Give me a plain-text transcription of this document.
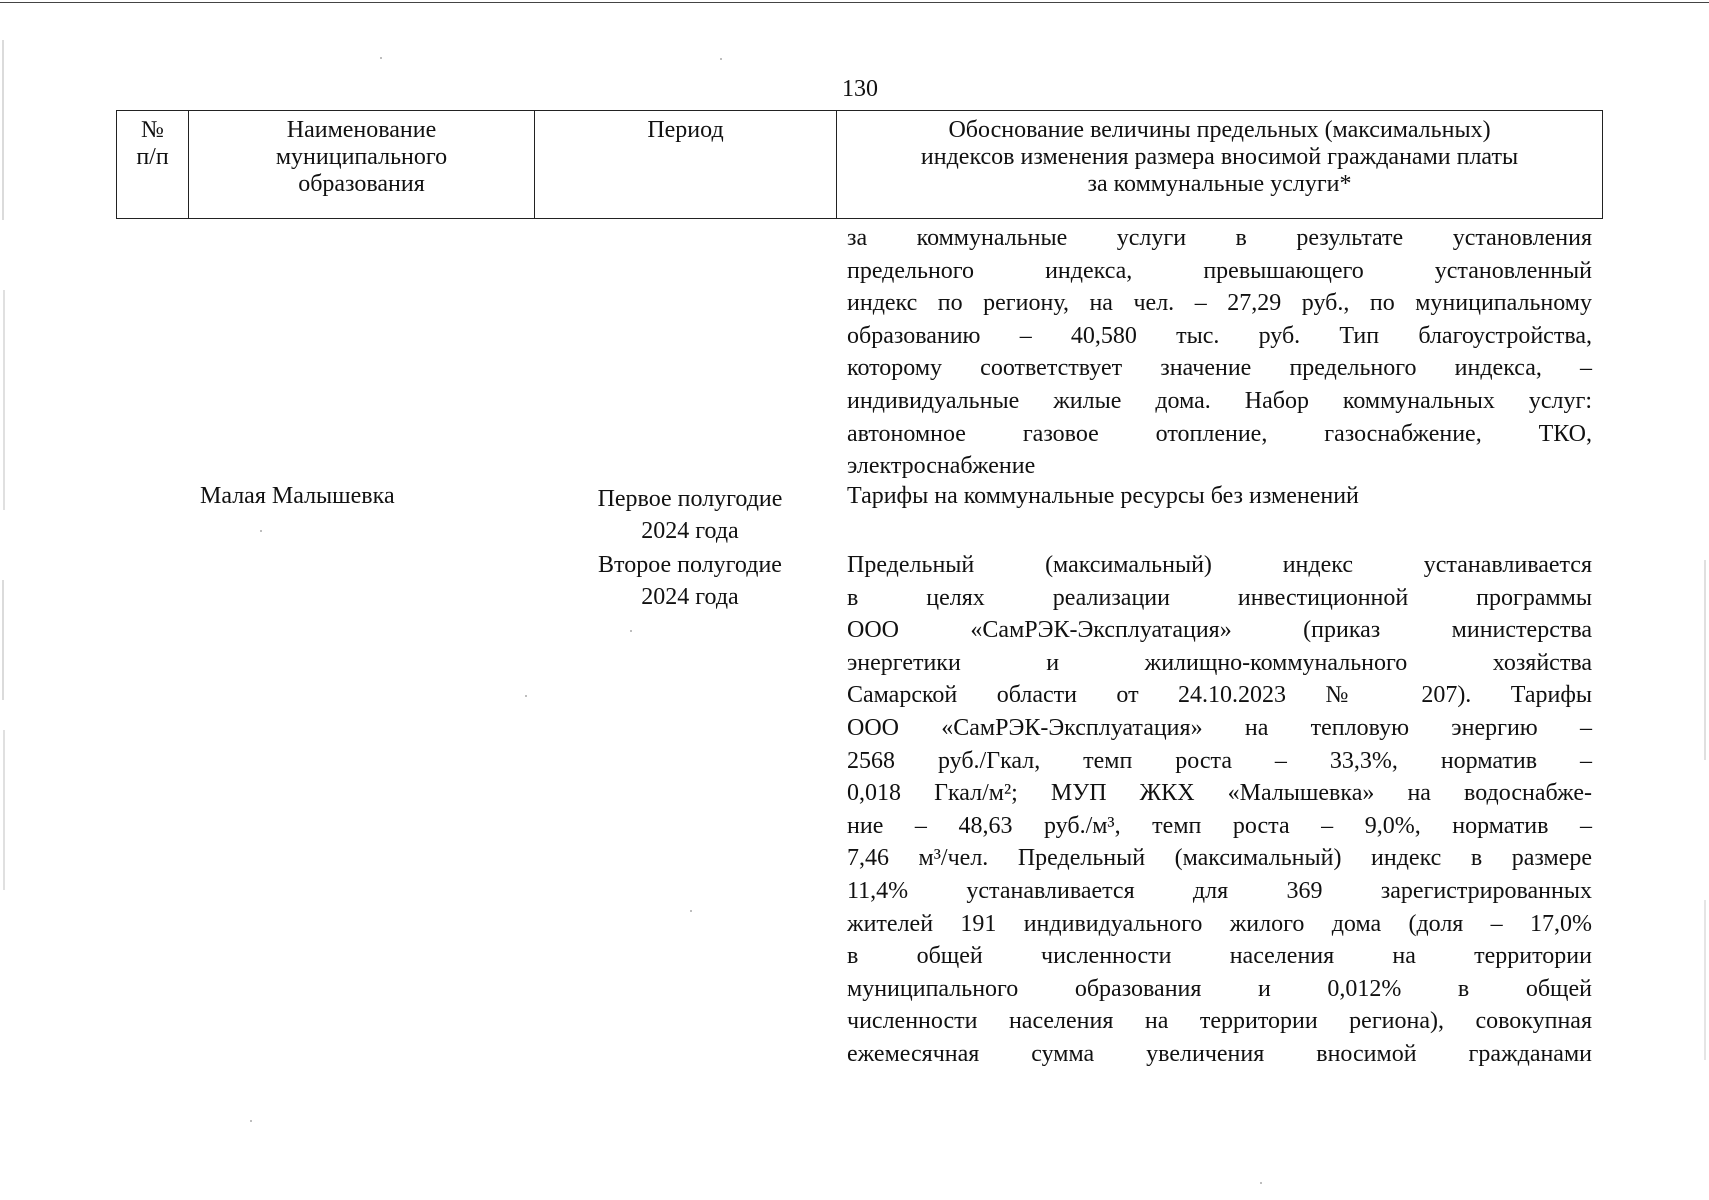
130
№
п/п
Наименование
муниципального
образования
Период	Обоснование величины предельных (максимальных)
индексов изменения размера вносимой гражданами платы
за коммунальные услуги*
за коммунальные услуги в результате установления
предельного индекса, превышающего установленный
индекс по региону, на чел. – 27,29 руб., по муниципальному
образованию – 40,580 тыс. руб. Тип благоустройства,
которому соответствует значение предельного индекса, –
индивидуальные жилые дома. Набор коммунальных услуг:
автономное газовое отопление, газоснабжение, ТКО,
электроснабжение
Малая Малышевка	Первое полугодие
2024 года
Тарифы на коммунальные ресурсы без изменений
Второе полугодие
2024 года
Предельный (максимальный) индекс устанавливается
в целях реализации инвестиционной программы
ООО «СамРЭК-Эксплуатация» (приказ министерства
энергетики и жилищно-коммунального хозяйства
Самарской области от 24.10.2023 № 207). Тарифы
ООО «СамРЭК-Эксплуатация» на тепловую энергию –
2568 руб./Гкал, темп роста – 33,3%, норматив –
0,018 Гкал/м²; МУП ЖКХ «Малышевка» на водоснабже-
ние – 48,63 руб./м³, темп роста – 9,0%, норматив –
7,46 м³/чел. Предельный (максимальный) индекс в размере
11,4% устанавливается для 369 зарегистрированных
жителей 191 индивидуального жилого дома (доля – 17,0%
в общей численности населения на территории
муниципального образования и 0,012% в общей
численности населения на территории региона), совокупная
ежемесячная сумма увеличения вносимой гражданами
